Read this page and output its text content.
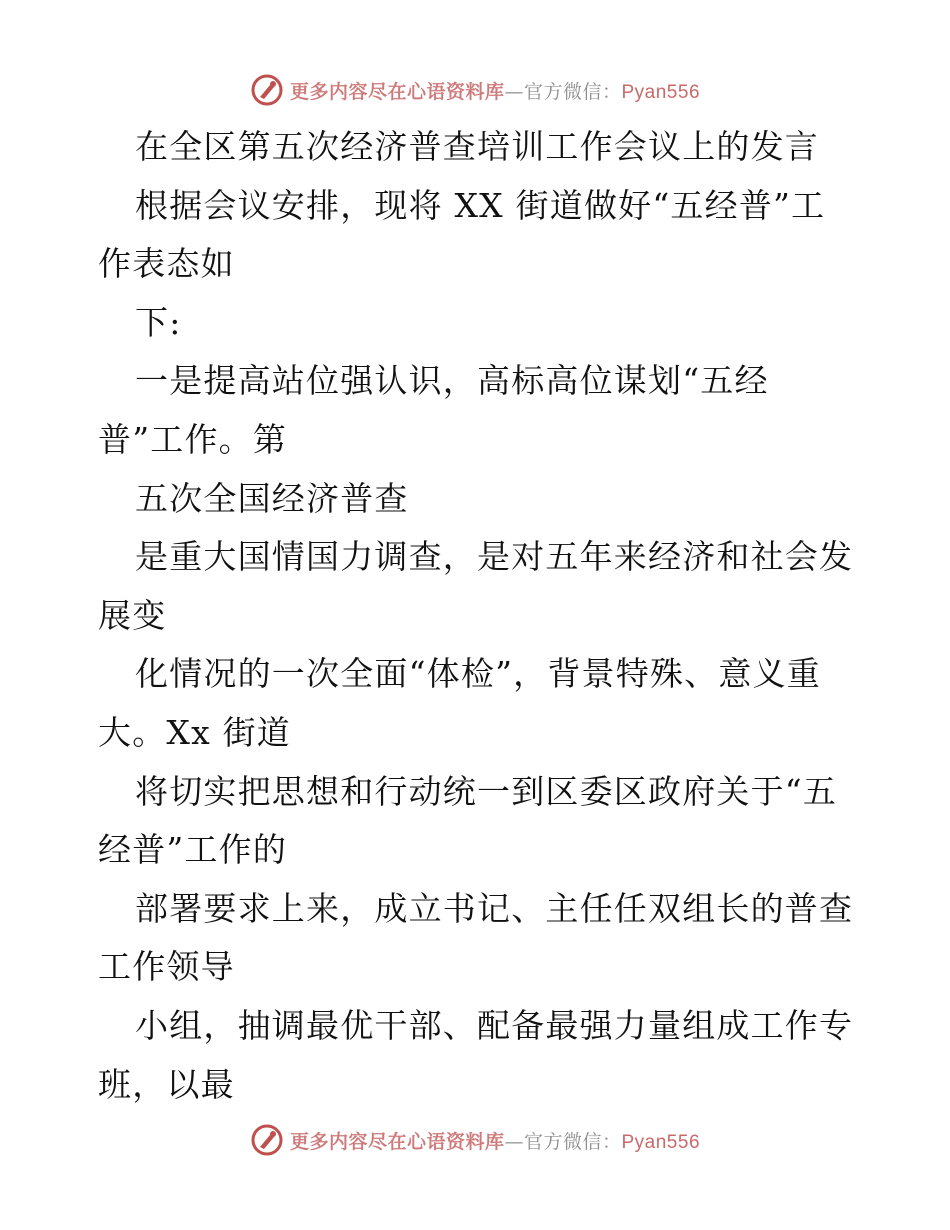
更多内容尽在心语资料库—官方微信：Pyan556
在全区第五次经济普查培训工作会议上的发言
根据会议安排，现将 XX 街道做好“五经普”工
作表态如
下:
一是提高站位强认识，高标高位谋划“五经
普”工作。第
五次全国经济普查
是重大国情国力调查，是对五年来经济和社会发
展变
化情况的一次全面“体检”，背景特殊、意义重
大。Xx 街道
将切实把思想和行动统一到区委区政府关于“五
经普”工作的
部署要求上来，成立书记、主任任双组长的普查
工作领导
小组，抽调最优干部、配备最强力量组成工作专
班，以最
更多内容尽在心语资料库—官方微信：Pyan556
